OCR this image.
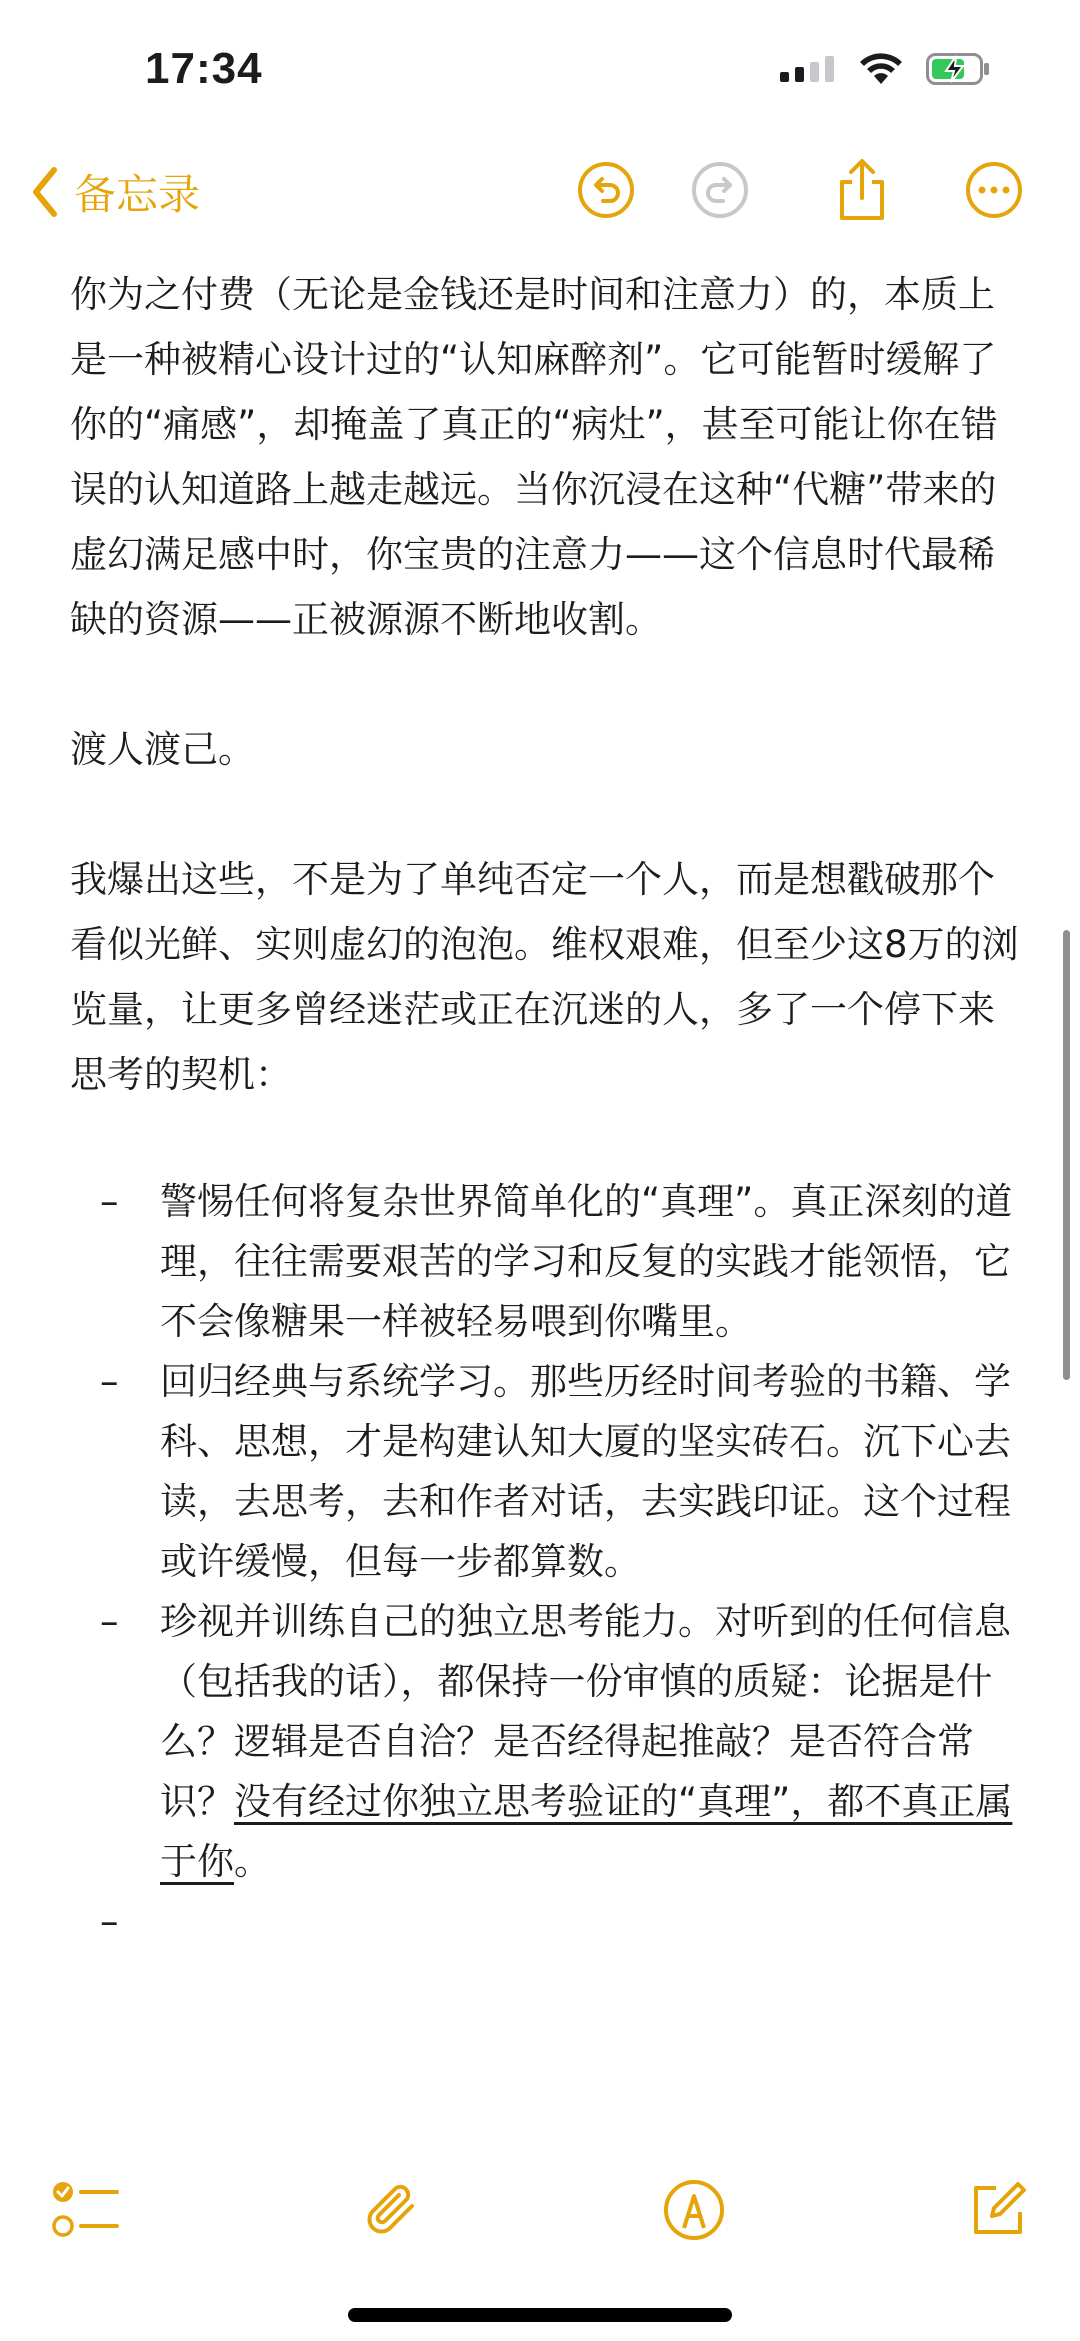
17:34
备忘录

你为之付费（无论是金钱还是时间和注意力）的，本质上是一种被精心设计过的“认知麻醉剂”。它可能暂时缓解了你的“痛感”，却掩盖了真正的“病灶”，甚至可能让你在错误的认知道路上越走越远。当你沉浸在这种“代糖”带来的虚幻满足感中时，你宝贵的注意力——这个信息时代最稀缺的资源——正被源源不断地收割。

渡人渡己。

我爆出这些，不是为了单纯否定一个人，而是想戳破那个看似光鲜、实则虚幻的泡泡。维权艰难，但至少这8万的浏览量，让更多曾经迷茫或正在沉迷的人，多了一个停下来思考的契机：

– 警惕任何将复杂世界简单化的“真理”。真正深刻的道理，往往需要艰苦的学习和反复的实践才能领悟，它不会像糖果一样被轻易喂到你嘴里。
– 回归经典与系统学习。那些历经时间考验的书籍、学科、思想，才是构建认知大厦的坚实砖石。沉下心去读，去思考，去和作者对话，去实践印证。这个过程或许缓慢，但每一步都算数。
– 珍视并训练自己的独立思考能力。对听到的任何信息（包括我的话），都保持一份审慎的质疑：论据是什么？逻辑是否自洽？是否经得起推敲？是否符合常识？没有经过你独立思考验证的“真理”，都不真正属于你。
–
